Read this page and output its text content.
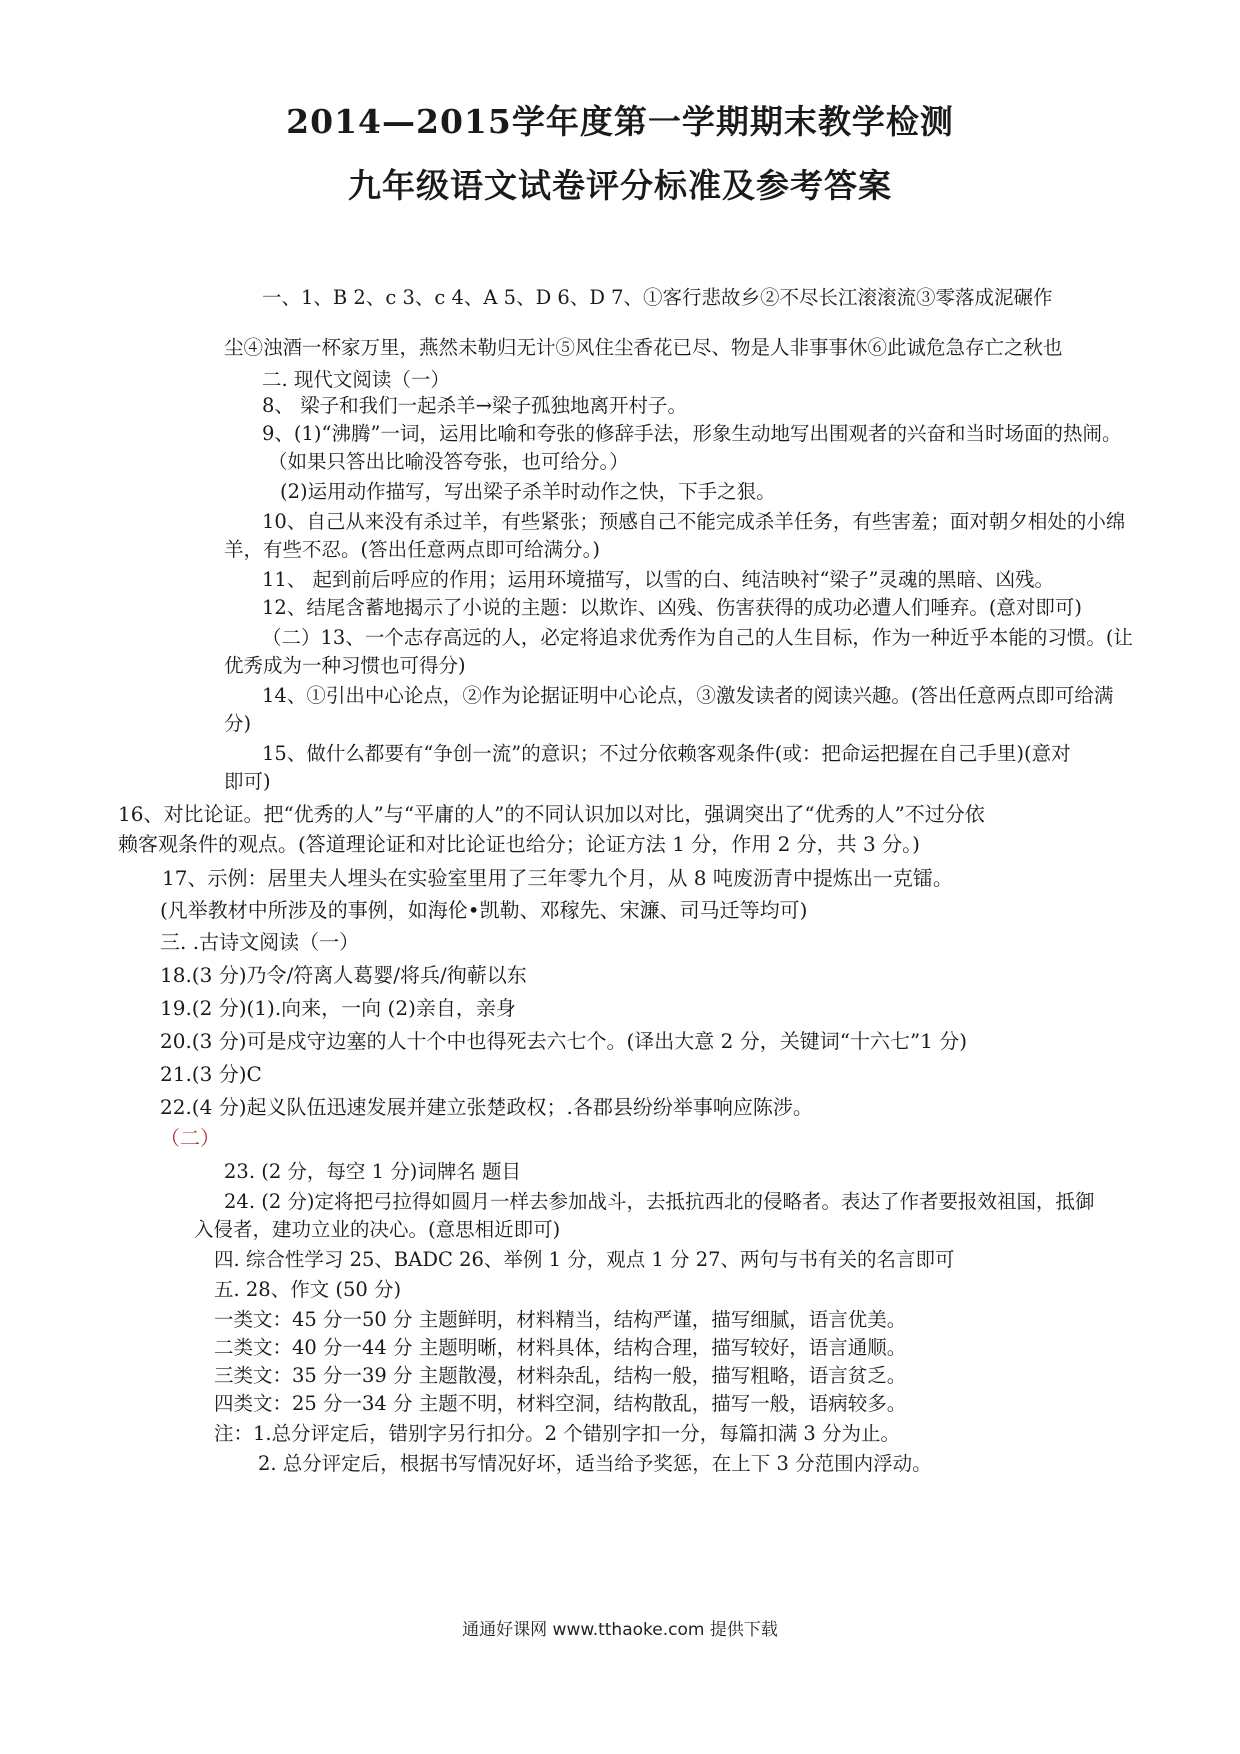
2014—2015学年度第一学期期末教学检测
九年级语文试卷评分标准及参考答案
一、1、B 2、c 3、c 4、A 5、D 6、D 7、①客行悲故乡②不尽长江滚滚流③零落成泥碾作
尘④浊酒一杯家万里，燕然未勒归无计⑤风住尘香花已尽、物是人非事事休⑥此诚危急存亡之秋也
二. 现代文阅读（一）
8、 梁子和我们一起杀羊→梁子孤独地离开村子。
9、(1)“沸腾”一词，运用比喻和夸张的修辞手法，形象生动地写出围观者的兴奋和当时场面的热闹。
（如果只答出比喻没答夸张，也可给分。）
(2)运用动作描写，写出梁子杀羊时动作之快，下手之狠。
10、自己从来没有杀过羊，有些紧张；预感自己不能完成杀羊任务，有些害羞；面对朝夕相处的小绵
羊，有些不忍。(答出任意两点即可给满分。)
11、 起到前后呼应的作用；运用环境描写，以雪的白、纯洁映衬“梁子”灵魂的黑暗、凶残。
12、结尾含蓄地揭示了小说的主题：以欺诈、凶残、伤害获得的成功必遭人们唾弃。(意对即可)
（二）13、一个志存高远的人，必定将追求优秀作为自己的人生目标，作为一种近乎本能的习惯。(让
优秀成为一种习惯也可得分)
14、①引出中心论点，②作为论据证明中心论点，③激发读者的阅读兴趣。(答出任意两点即可给满
分)
15、做什么都要有“争创一流”的意识；不过分依赖客观条件(或：把命运把握在自己手里)(意对
即可)
16、对比论证。把“优秀的人”与“平庸的人”的不同认识加以对比，强调突出了“优秀的人”不过分依
赖客观条件的观点。(答道理论证和对比论证也给分；论证方法 1 分，作用 2 分，共 3 分。)
17、示例：居里夫人埋头在实验室里用了三年零九个月，从 8 吨废沥青中提炼出一克镭。
(凡举教材中所涉及的事例，如海伦•凯勒、邓稼先、宋濂、司马迁等均可)
三. .古诗文阅读（一）
18.(3 分)乃令/符离人葛婴/将兵/徇蕲以东
19.(2 分)(1).向来，一向 (2)亲自，亲身
20.(3 分)可是戍守边塞的人十个中也得死去六七个。(译出大意 2 分，关键词“十六七”1 分)
21.(3 分)C
22.(4 分)起义队伍迅速发展并建立张楚政权；.各郡县纷纷举事响应陈涉。
（二）
23. (2 分，每空 1 分)词牌名 题目
24. (2 分)定将把弓拉得如圆月一样去参加战斗，去抵抗西北的侵略者。表达了作者要报效祖国，抵御
入侵者，建功立业的决心。(意思相近即可)
四. 综合性学习 25、BADC 26、举例 1 分，观点 1 分 27、两句与书有关的名言即可
五. 28、作文 (50 分)
一类文：45 分一50 分 主题鲜明，材料精当，结构严谨，描写细腻，语言优美。
二类文：40 分一44 分 主题明晰，材料具体，结构合理，描写较好，语言通顺。
三类文：35 分一39 分 主题散漫，材料杂乱，结构一般，描写粗略，语言贫乏。
四类文：25 分一34 分 主题不明，材料空洞，结构散乱，描写一般，语病较多。
注：1.总分评定后，错别字另行扣分。2 个错别字扣一分，每篇扣满 3 分为止。
2. 总分评定后，根据书写情况好坏，适当给予奖惩，在上下 3 分范围内浮动。
通通好课网 www.tthaoke.com 提供下载
